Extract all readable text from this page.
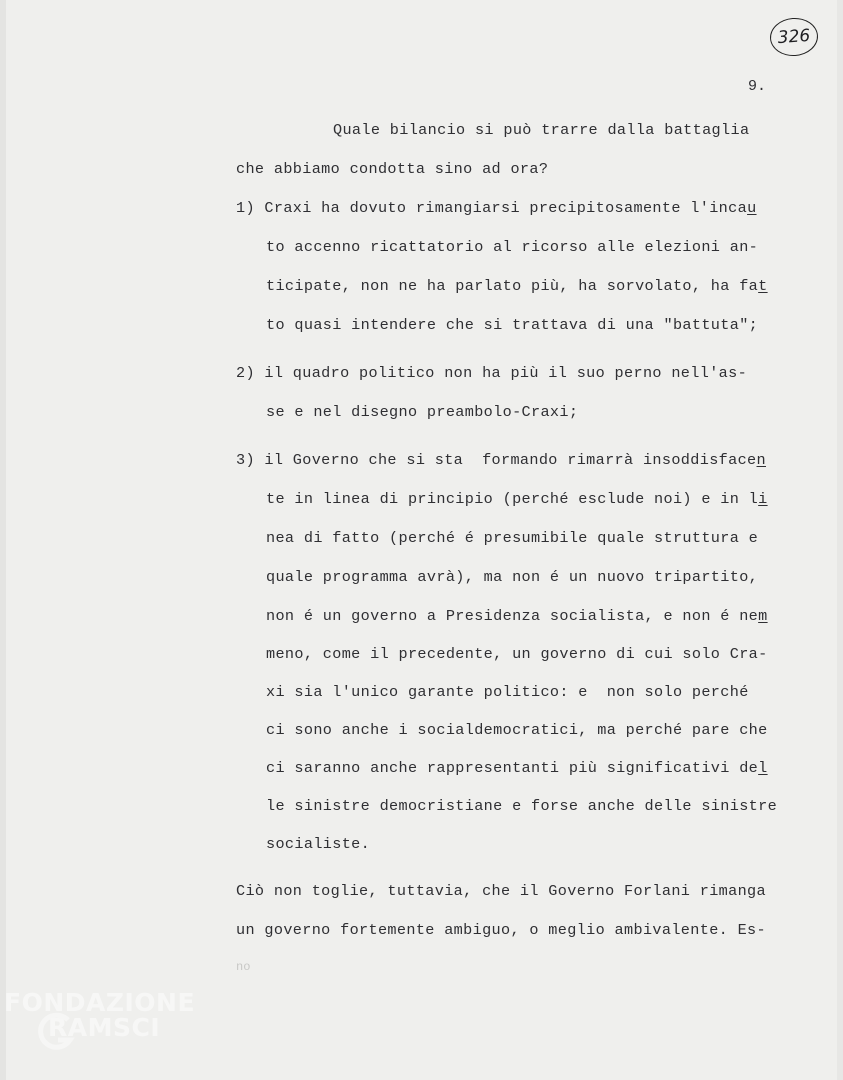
326
9.
Quale bilancio si può trarre dalla battaglia
che abbiamo condotta sino ad ora?
1) Craxi ha dovuto rimangiarsi precipitosamente l'incau
to accenno ricattatorio al ricorso alle elezioni an-
ticipate, non ne ha parlato più, ha sorvolato, ha fat
to quasi intendere che si trattava di una "battuta";
2) il quadro politico non ha più il suo perno nell'as-
se e nel disegno preambolo-Craxi;
3) il Governo che si sta  formando rimarrà insoddisfacen
te in linea di principio (perché esclude noi) e in li
nea di fatto (perché é presumibile quale struttura e
quale programma avrà), ma non é un nuovo tripartito,
non é un governo a Presidenza socialista, e non é nem
meno, come il precedente, un governo di cui solo Cra-
xi sia l'unico garante politico: e  non solo perché
ci sono anche i socialdemocratici, ma perché pare che
ci saranno anche rappresentanti più significativi del
le sinistre democristiane e forse anche delle sinistre
socialiste.
Ciò non toglie, tuttavia, che il Governo Forlani rimanga
un governo fortemente ambiguo, o meglio ambivalente. Es-
no
FONDAZIONE
RAMSCI
